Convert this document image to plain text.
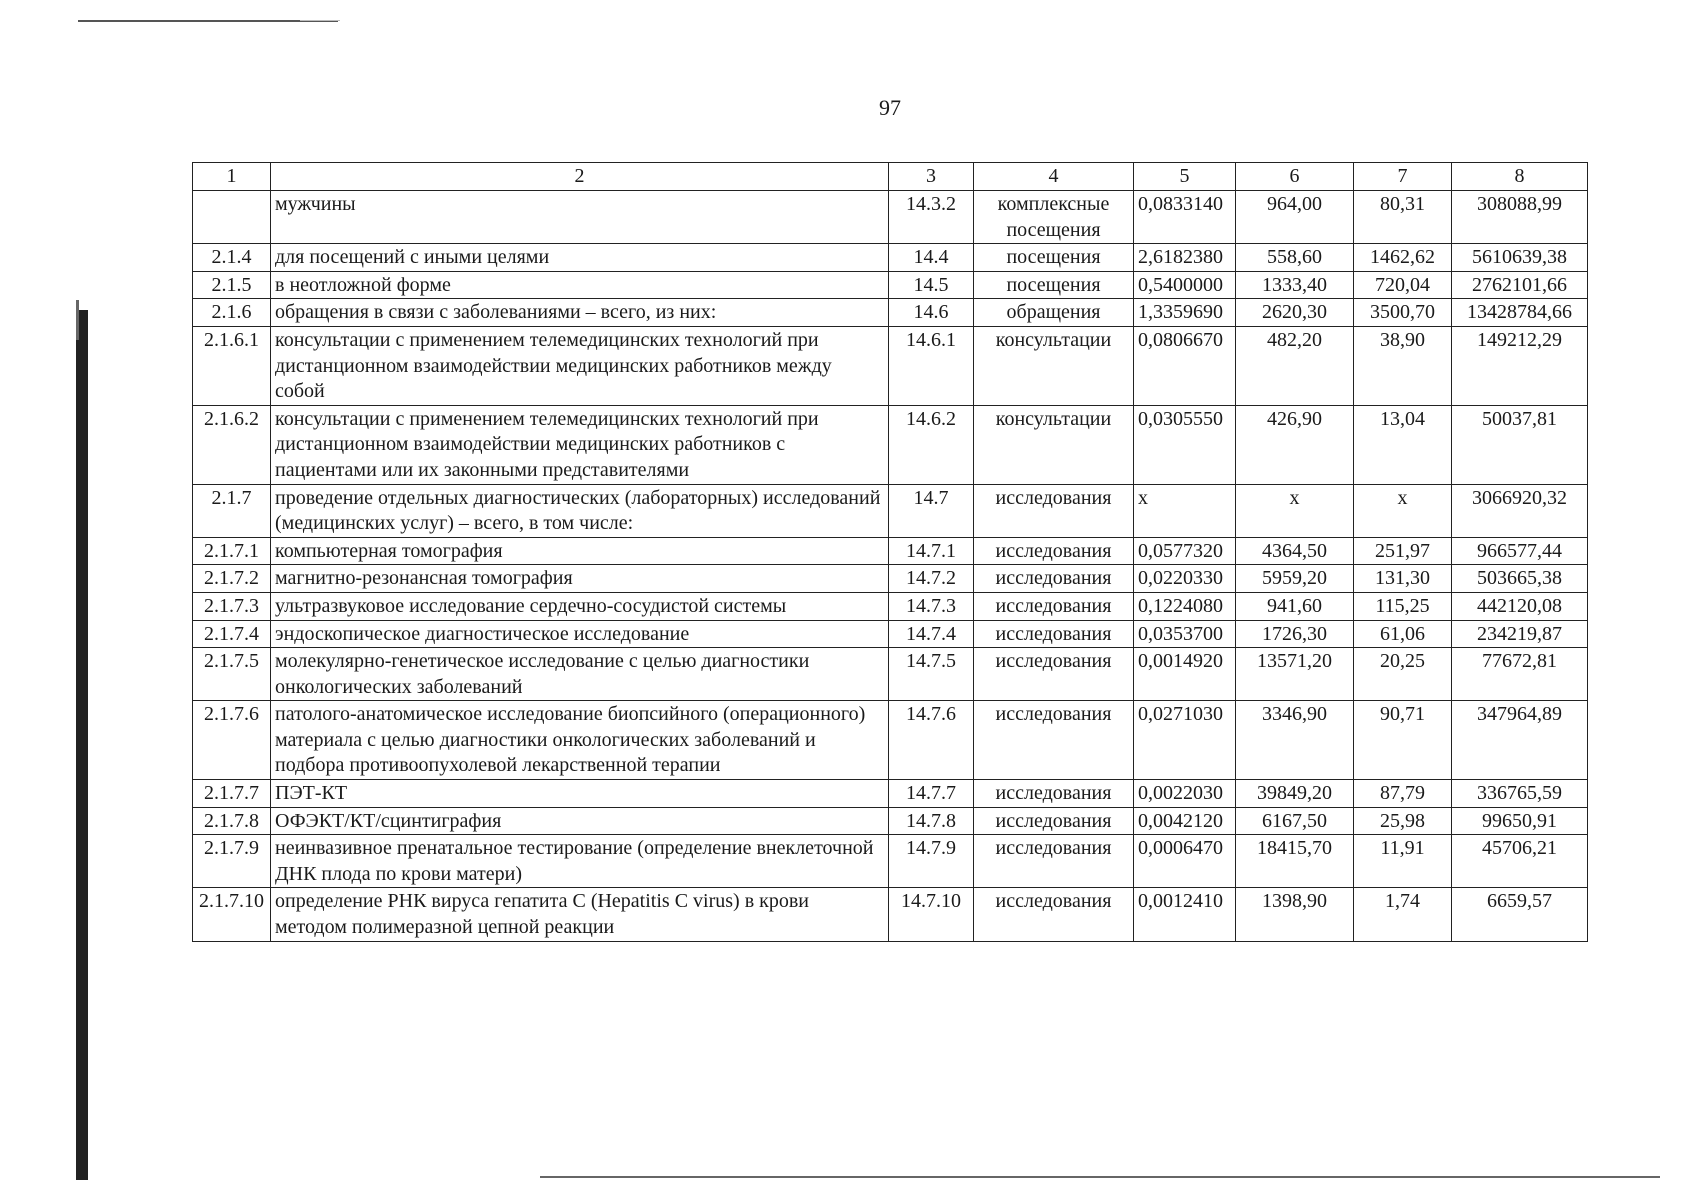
97
1	2	3	4	5	6	7	8
	мужчины	14.3.2	комплексные посещения	0,0833140	964,00	80,31	308088,99
2.1.4	для посещений с иными целями	14.4	посещения	2,6182380	558,60	1462,62	5610639,38
2.1.5	в неотложной форме	14.5	посещения	0,5400000	1333,40	720,04	2762101,66
2.1.6	обращения в связи с заболеваниями – всего, из них:	14.6	обращения	1,3359690	2620,30	3500,70	13428784,66
2.1.6.1	консультации с применением телемедицинских технологий при дистанционном взаимодействии медицинских работников между собой	14.6.1	консультации	0,0806670	482,20	38,90	149212,29
2.1.6.2	консультации с применением телемедицинских технологий при дистанционном взаимодействии медицинских работников с пациентами или их законными представителями	14.6.2	консультации	0,0305550	426,90	13,04	50037,81
2.1.7	проведение отдельных диагностических (лабораторных) исследований (медицинских услуг) – всего, в том числе:	14.7	исследования	х	х	х	3066920,32
2.1.7.1	компьютерная томография	14.7.1	исследования	0,0577320	4364,50	251,97	966577,44
2.1.7.2	магнитно-резонансная томография	14.7.2	исследования	0,0220330	5959,20	131,30	503665,38
2.1.7.3	ультразвуковое исследование сердечно-сосудистой системы	14.7.3	исследования	0,1224080	941,60	115,25	442120,08
2.1.7.4	эндоскопическое диагностическое исследование	14.7.4	исследования	0,0353700	1726,30	61,06	234219,87
2.1.7.5	молекулярно-генетическое исследование с целью диагностики онкологических заболеваний	14.7.5	исследования	0,0014920	13571,20	20,25	77672,81
2.1.7.6	патолого-анатомическое исследование биопсийного (операционного) материала с целью диагностики онкологических заболеваний и подбора противоопухолевой лекарственной терапии	14.7.6	исследования	0,0271030	3346,90	90,71	347964,89
2.1.7.7	ПЭТ-КТ	14.7.7	исследования	0,0022030	39849,20	87,79	336765,59
2.1.7.8	ОФЭКТ/КТ/сцинтиграфия	14.7.8	исследования	0,0042120	6167,50	25,98	99650,91
2.1.7.9	неинвазивное пренатальное тестирование (определение внеклеточной ДНК плода по крови матери)	14.7.9	исследования	0,0006470	18415,70	11,91	45706,21
2.1.7.10	определение РНК вируса гепатита С (Hepatitis C virus) в крови методом полимеразной цепной реакции	14.7.10	исследования	0,0012410	1398,90	1,74	6659,57
